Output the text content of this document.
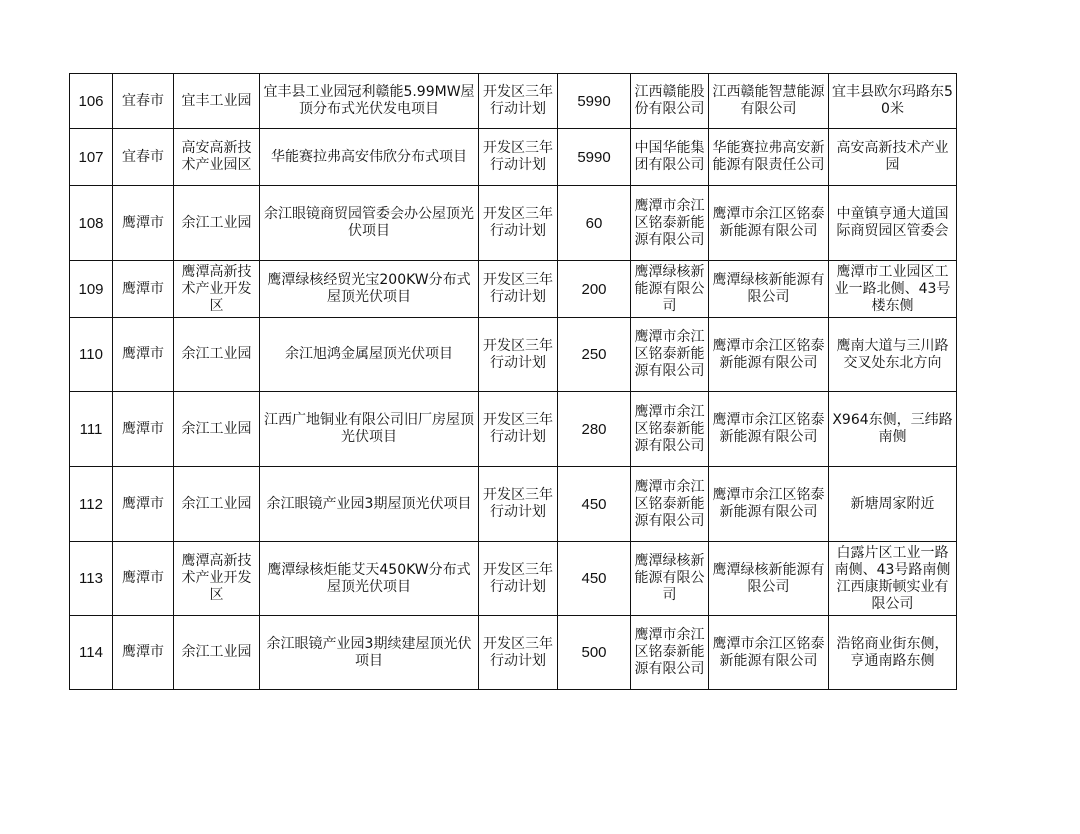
106	宜春市	宜丰工业园	宜丰县工业园冠利赣能5.99MW屋顶分布式光伏发电项目	开发区三年行动计划	5990	江西赣能股份有限公司	江西赣能智慧能源有限公司	宜丰县欧尔玛路东50米
107	宜春市	高安高新技术产业园区	华能赛拉弗高安伟欣分布式项目	开发区三年行动计划	5990	中国华能集团有限公司	华能赛拉弗高安新能源有限责任公司	高安高新技术产业园
108	鹰潭市	余江工业园	余江眼镜商贸园管委会办公屋顶光伏项目	开发区三年行动计划	60	鹰潭市余江区铭泰新能源有限公司	鹰潭市余江区铭泰新能源有限公司	中童镇亨通大道国际商贸园区管委会
109	鹰潭市	鹰潭高新技术产业开发区	鹰潭绿核经贸光宝200KW分布式屋顶光伏项目	开发区三年行动计划	200	鹰潭绿核新能源有限公司	鹰潭绿核新能源有限公司	鹰潭市工业园区工业一路北侧、43号楼东侧
110	鹰潭市	余江工业园	余江旭鸿金属屋顶光伏项目	开发区三年行动计划	250	鹰潭市余江区铭泰新能源有限公司	鹰潭市余江区铭泰新能源有限公司	鹰南大道与三川路交叉处东北方向
111	鹰潭市	余江工业园	江西广地铜业有限公司旧厂房屋顶光伏项目	开发区三年行动计划	280	鹰潭市余江区铭泰新能源有限公司	鹰潭市余江区铭泰新能源有限公司	X964东侧，三纬路南侧
112	鹰潭市	余江工业园	余江眼镜产业园3期屋顶光伏项目	开发区三年行动计划	450	鹰潭市余江区铭泰新能源有限公司	鹰潭市余江区铭泰新能源有限公司	新塘周家附近
113	鹰潭市	鹰潭高新技术产业开发区	鹰潭绿核炬能艾天450KW分布式屋顶光伏项目	开发区三年行动计划	450	鹰潭绿核新能源有限公司	鹰潭绿核新能源有限公司	白露片区工业一路南侧、43号路南侧江西康斯顿实业有限公司
114	鹰潭市	余江工业园	余江眼镜产业园3期续建屋顶光伏项目	开发区三年行动计划	500	鹰潭市余江区铭泰新能源有限公司	鹰潭市余江区铭泰新能源有限公司	浩铭商业街东侧，亨通南路东侧
